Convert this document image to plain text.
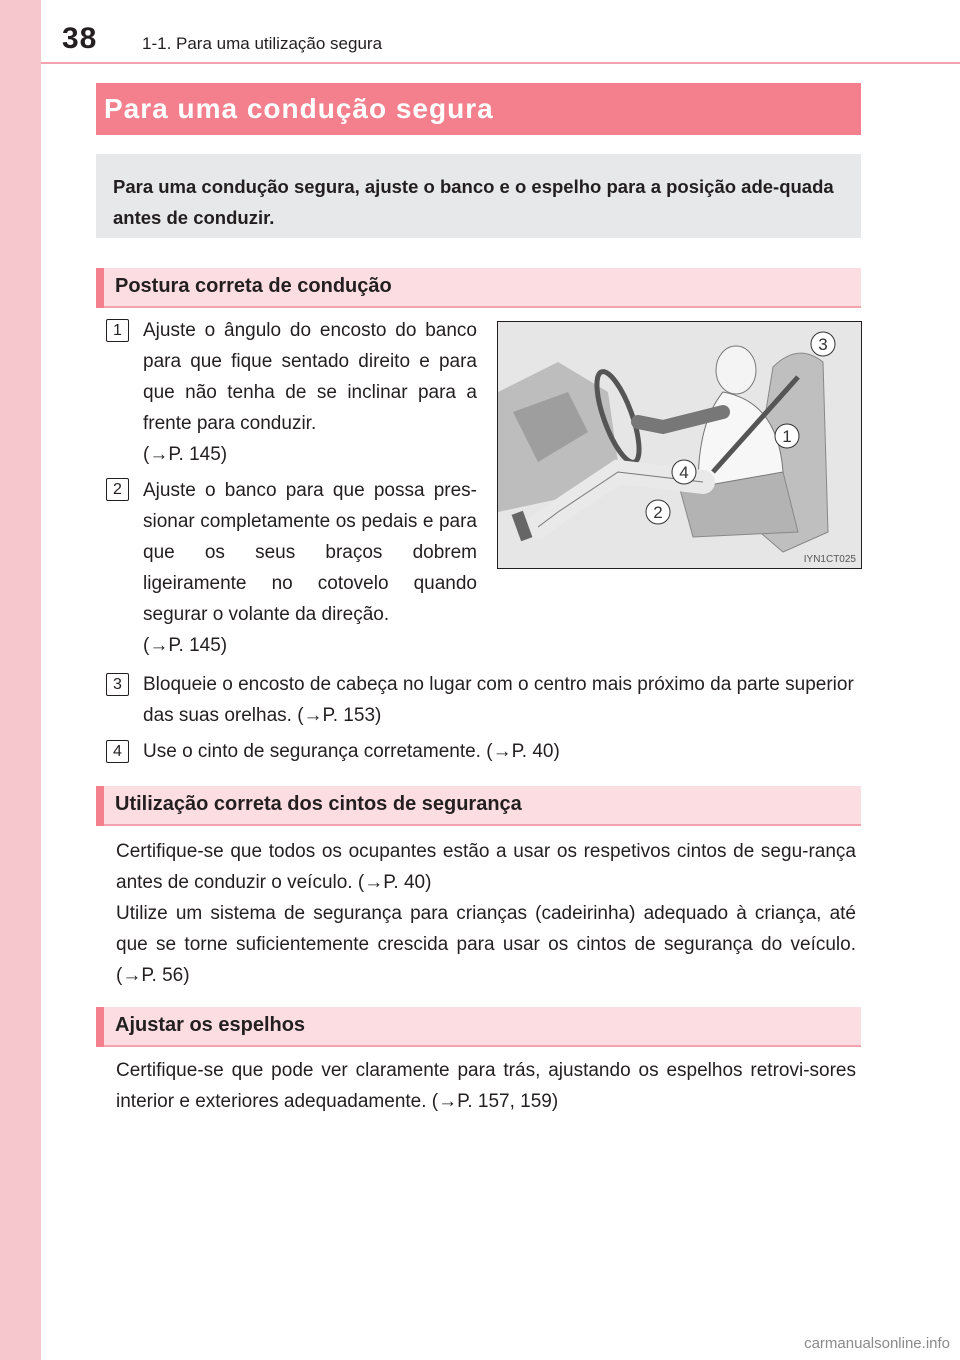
38	1-1. Para uma utilização segura
Para uma condução segura
Para uma condução segura, ajuste o banco e o espelho para a posição ade-quada antes de conduzir.
Postura correta de condução
1	Ajuste o ângulo do encosto do banco para que fique sentado direito e para que não tenha de se inclinar para a frente para conduzir.
(→P. 145)
2	Ajuste o banco para que possa pres-sionar completamente os pedais e para que os seus braços dobrem ligeiramente no cotovelo quando segurar o volante da direção.
(→P. 145)
1
2
3
4
IYN1CT025
3	Bloqueie o encosto de cabeça no lugar com o centro mais próximo da parte superior das suas orelhas. (→P. 153)
4	Use o cinto de segurança corretamente. (→P. 40)
Utilização correta dos cintos de segurança
Certifique-se que todos os ocupantes estão a usar os respetivos cintos de segu-rança antes de conduzir o veículo. (→P. 40)
Utilize um sistema de segurança para crianças (cadeirinha) adequado à criança, até que se torne suficientemente crescida para usar os cintos de segurança do veículo. (→P. 56)
Ajustar os espelhos
Certifique-se que pode ver claramente para trás, ajustando os espelhos retrovi-sores interior e exteriores adequadamente. (→P. 157, 159)
carmanualsonline.info
